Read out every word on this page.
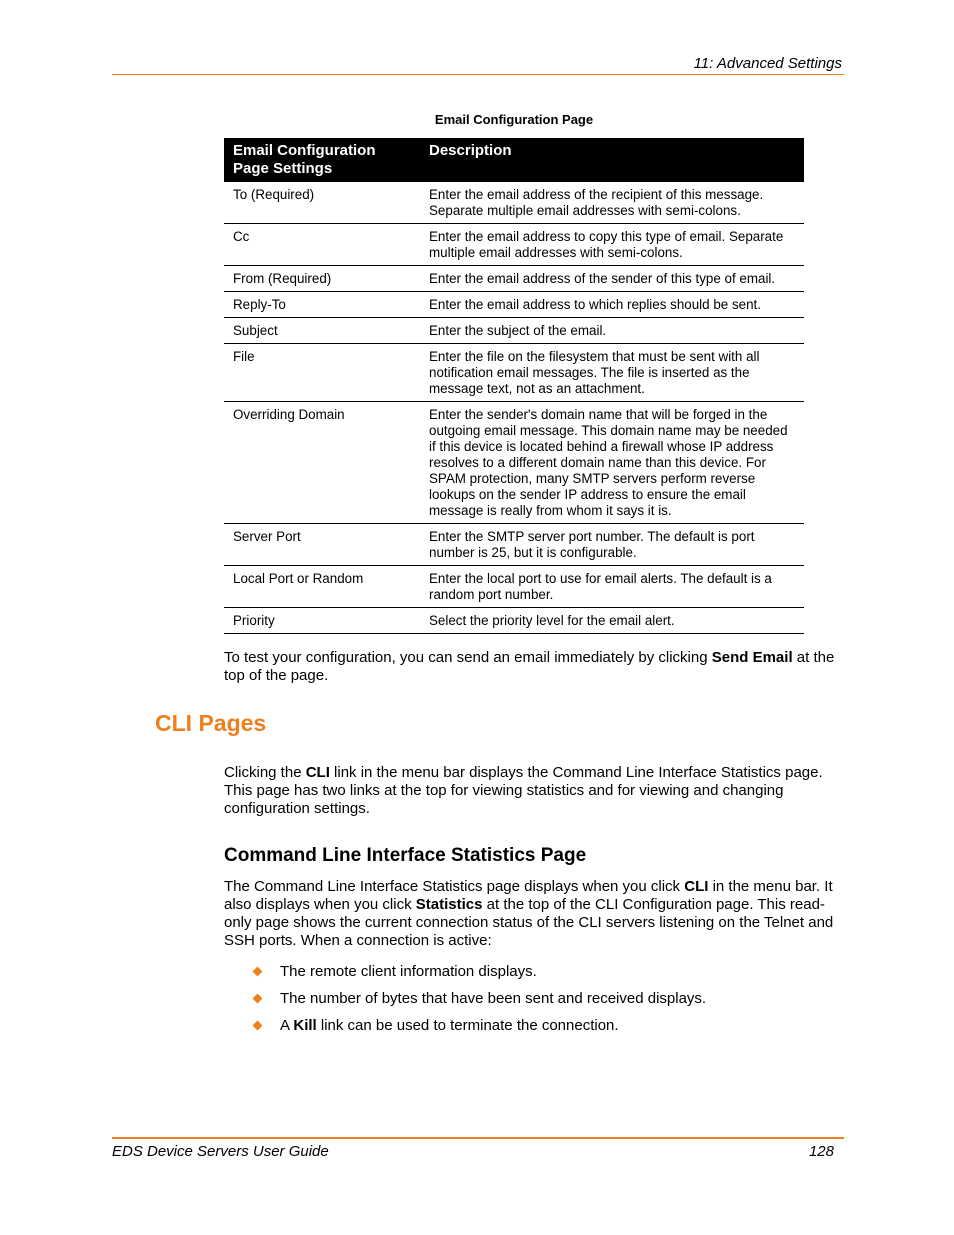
11: Advanced Settings
Email Configuration Page
Email Configuration Page Settings	Description
To (Required)	Enter the email address of the recipient of this message. Separate multiple email addresses with semi-colons.
Cc	Enter the email address to copy this type of email. Separate multiple email addresses with semi-colons.
From (Required)	Enter the email address of the sender of this type of email.
Reply-To	Enter the email address to which replies should be sent.
Subject	Enter the subject of the email.
File	Enter the file on the filesystem that must be sent with all notification email messages. The file is inserted as the message text, not as an attachment.
Overriding Domain	Enter the sender's domain name that will be forged in the outgoing email message. This domain name may be needed if this device is located behind a firewall whose IP address resolves to a different domain name than this device. For SPAM protection, many SMTP servers perform reverse lookups on the sender IP address to ensure the email message is really from whom it says it is.
Server Port	Enter the SMTP server port number. The default is port number is 25, but it is configurable.
Local Port or Random	Enter the local port to use for email alerts. The default is a random port number.
Priority	Select the priority level for the email alert.
To test your configuration, you can send an email immediately by clicking Send Email at the top of the page.
CLI Pages
Clicking the CLI link in the menu bar displays the Command Line Interface Statistics page. This page has two links at the top for viewing statistics and for viewing and changing configuration settings.
Command Line Interface Statistics Page
The Command Line Interface Statistics page displays when you click CLI in the menu bar. It also displays when you click Statistics at the top of the CLI Configuration page. This read-only page shows the current connection status of the CLI servers listening on the Telnet and SSH ports. When a connection is active:
The remote client information displays.
The number of bytes that have been sent and received displays.
A Kill link can be used to terminate the connection.
EDS Device Servers User Guide	128
